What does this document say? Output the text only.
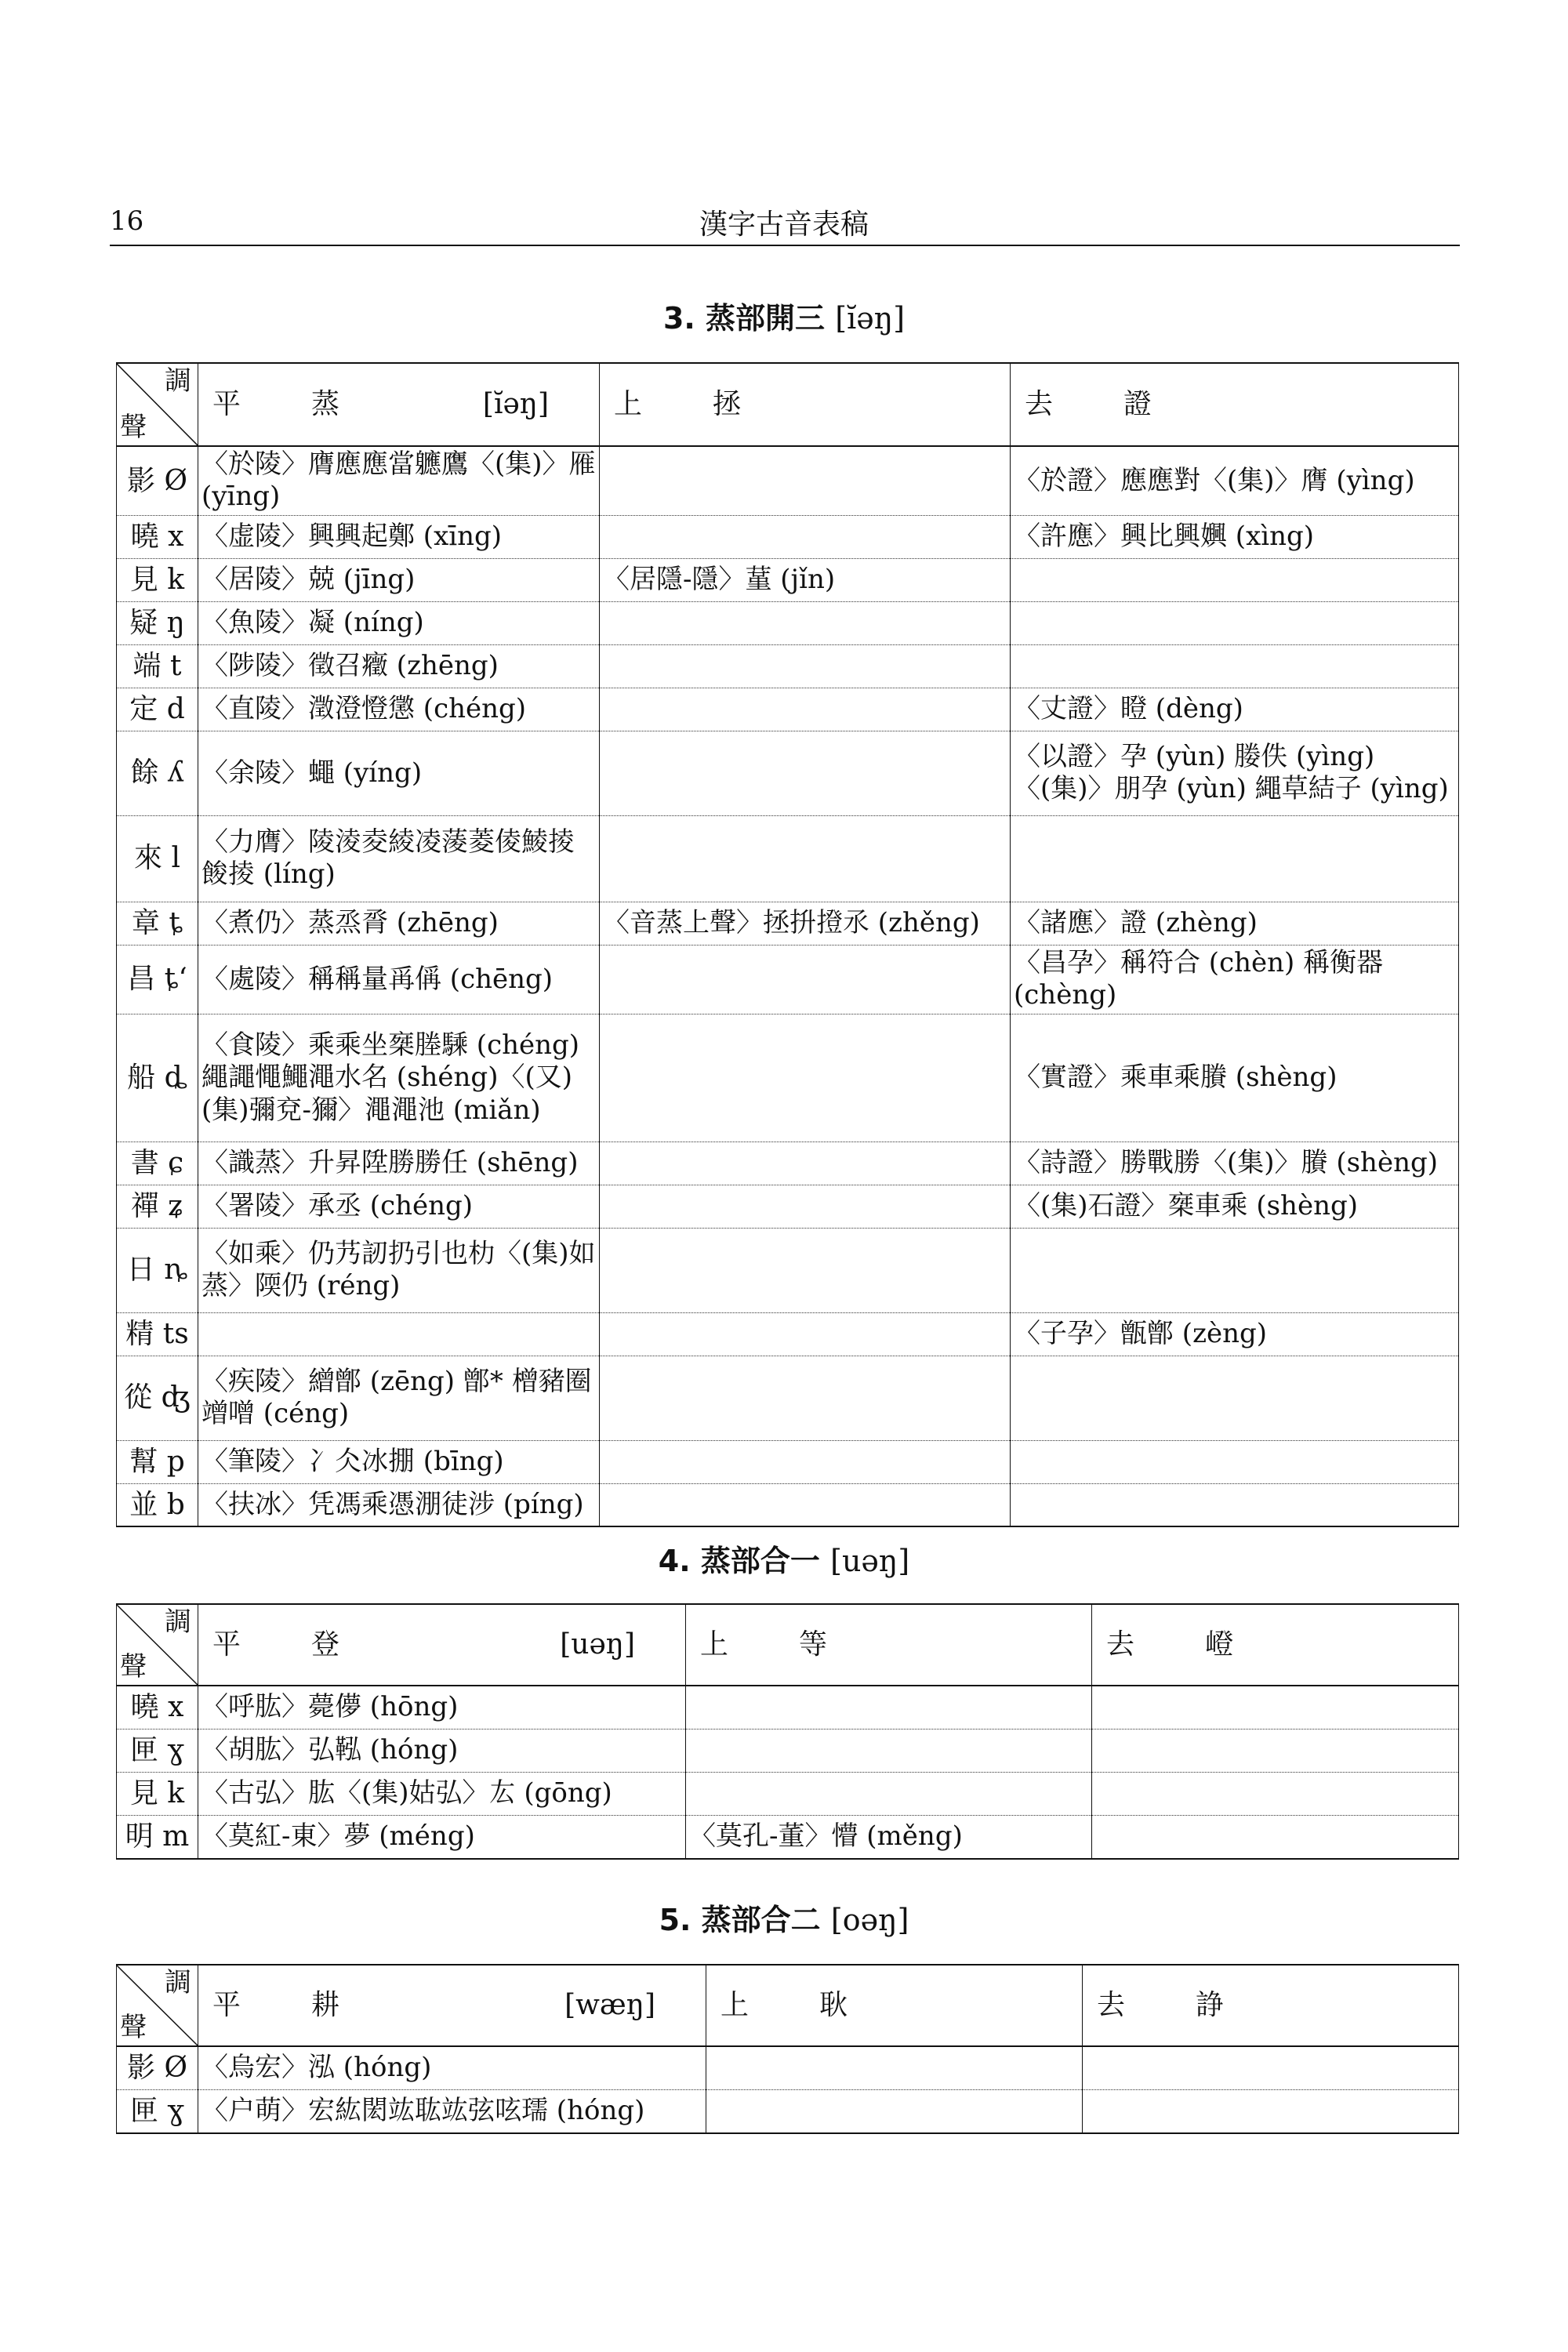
16	漢字古音表稿
3. 蒸部開三 [ĭəŋ]
調
聲	平 蒸 [ĭəŋ]	上 拯	去 證

影 Ø	〈於陵〉膺應應當軈鷹〈(集)〉雁 (yīng)		〈於證〉應應對〈(集)〉膺 (yìng)
曉 x	〈虚陵〉興興起鄭 (xīng)		〈許應〉興比興嬹 (xìng)
見 k	〈居陵〉兢 (jīng)	〈居隱-隱〉蓳 (jǐn)	
疑 ŋ	〈魚陵〉凝 (níng)		
端 t	〈陟陵〉徵召癥 (zhēng)		
定 d	〈直陵〉澂澄憕懲 (chéng)		〈丈證〉瞪 (dèng)
餘 ʎ	〈余陵〉蠅 (yíng)		〈以證〉孕 (yùn) 媵佚 (yìng)〈(集)〉朋孕 (yùn) 繩草結子 (yìng)
來 l	〈力膺〉陵淩夌綾凌蔆菱倰鯪掕餕掕 (líng)		
章 ȶ	〈煮仍〉蒸烝脀 (zhēng)	〈音蒸上聲〉拯抍撜氶 (zhěng)	〈諸應〉證 (zhèng)
昌 ȶʻ	〈處陵〉稱稱量爯偁 (chēng)		〈昌孕〉稱符合 (chèn) 稱衡器 (chèng)
船 ȡ	〈食陵〉乘乘坐椉塍騬 (chéng) 繩譝憴鱦澠水名 (shéng)〈(又)(集)彌兗-獮〉澠澠池 (miǎn)		〈實證〉乘車乘賸 (shèng)
書 ɕ	〈識蒸〉升昇陞勝勝任 (shēng)		〈詩證〉勝戰勝〈(集)〉賸 (shèng)
禪 ʑ	〈署陵〉承丞 (chéng)		〈(集)石證〉椉車乘 (shèng)
日 ȵ	〈如乘〉仍艿訒扔引也朸〈(集)如蒸〉陾仍 (réng)		
精 ts			〈子孕〉甑鄫 (zèng)
從 ʤ	〈疾陵〉繒鄫 (zēng) 鄫* 橧豬圈 竲噌 (céng)		
幫 p	〈筆陵〉冫仌冰掤 (bīng)		
並 b	〈扶冰〉凭馮乘憑淜徒涉 (píng)		
4. 蒸部合一 [uəŋ]
調
聲	平 登 [uəŋ]	上 等	去 嶝

曉 x	〈呼肱〉薨儚 (hōng)		
匣 ɣ	〈胡肱〉弘鞃 (hóng)		
見 k	〈古弘〉肱〈(集)姑弘〉厷 (gōng)		
明 m	〈莫紅-東〉夢 (méng)	〈莫孔-董〉懵 (měng)	
5. 蒸部合二 [oəŋ]
調
聲	平 耕 [wæŋ]	上 耿	去 諍

影 Ø	〈烏宏〉泓 (hóng)		
匣 ɣ	〈户萌〉宏紘閎竑耾竑弦呟瓀 (hóng)		
